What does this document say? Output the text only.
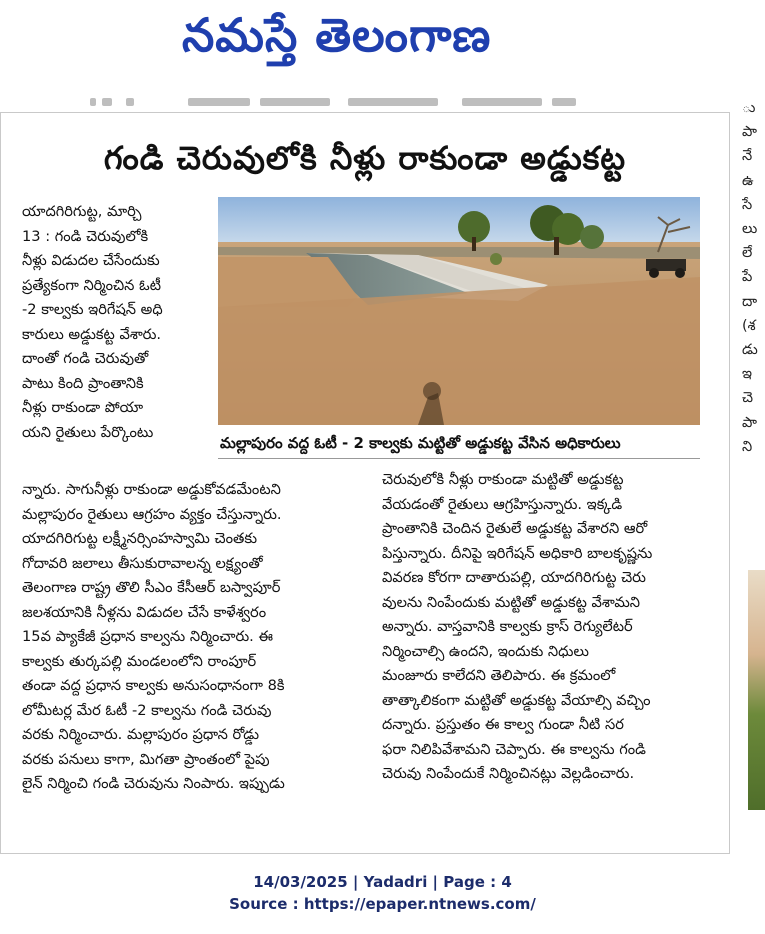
నమస్తే తెలంగాణ
గండి చెరువులోకి నీళ్లు రాకుండా అడ్డుకట్ట
మల్లాపురం వద్ద ఓటీ - 2 కాల్వకు మట్టితో అడ్డుకట్ట వేసిన అధికారులు

యాదగిరిగుట్ట, మార్చి

13 : గండి చెరువులోకి

నీళ్లు విడుదల చేసేందుకు

ప్రత్యేకంగా నిర్మించిన ఓటీ

-2 కాల్వకు ఇరిగేషన్ అధి

కారులు అడ్డుకట్ట వేశారు.

దాంతో గండి చెరువుతో

పాటు కింది ప్రాంతానికి

నీళ్లు రాకుండా పోయా

యని రైతులు పేర్కొంటు

న్నారు. సాగునీళ్లు రాకుండా అడ్డుకోవడమేంటని

మల్లాపురం రైతులు ఆగ్రహం వ్యక్తం చేస్తున్నారు.

యాదగిరిగుట్ట లక్ష్మీనర్సింహస్వామి చెంతకు

గోదావరి జలాలు తీసుకురావాలన్న లక్ష్యంతో

తెలంగాణ రాష్ట్ర తొలి సీఎం కేసీఆర్ బస్వాపూర్

జలశయానికి నీళ్లను విడుదల చేసే కాళేశ్వరం

15వ ప్యాకేజీ ప్రధాన కాల్వను నిర్మించారు. ఈ

కాల్వకు తుర్కపల్లి మండలంలోని రాంపూర్

తండా వద్ద ప్రధాన కాల్వకు అనుసంధానంగా 8కి

లోమీటర్ల మేర ఓటీ -2 కాల్వను గండి చెరువు

వరకు నిర్మించారు. మల్లాపురం ప్రధాన రోడ్డు

వరకు పనులు కాగా, మిగతా ప్రాంతంలో పైపు

లైన్ నిర్మించి గండి చెరువును నింపారు. ఇప్పుడు

చెరువులోకి నీళ్లు రాకుండా మట్టితో అడ్డుకట్ట

వేయడంతో రైతులు ఆగ్రహిస్తున్నారు. ఇక్కడి

ప్రాంతానికి చెందిన రైతులే అడ్డుకట్ట వేశారని ఆరో

పిస్తున్నారు. దీనిపై ఇరిగేషన్ అధికారి బాలకృష్ణను

వివరణ కోరగా దాతారుపల్లి, యాదగిరిగుట్ట చెరు

వులను నింపేందుకు మట్టితో అడ్డుకట్ట వేశామని

అన్నారు. వాస్తవానికి కాల్వకు క్రాస్ రెగ్యులేటర్

నిర్మించాల్సి ఉందని, ఇందుకు నిధులు

మంజూరు కాలేదని తెలిపారు. ఈ క్రమంలో

తాత్కాలికంగా మట్టితో అడ్డుకట్ట వేయాల్సి వచ్చిం

దన్నారు. ప్రస్తుతం ఈ కాల్వ గుండా నీటి సర

ఫరా నిలిపివేశామని చెప్పారు. ఈ కాల్వను గండి

చెరువు నింపేందుకే నిర్మించినట్లు వెల్లడించారు.

ు

పా

నే

ఉ

సే

లు

లే

పే

దా

(శ

డు

ఇ

చె

పా

ని

14/03/2025 | Yadadri | Page : 4
Source : https://epaper.ntnews.com/
